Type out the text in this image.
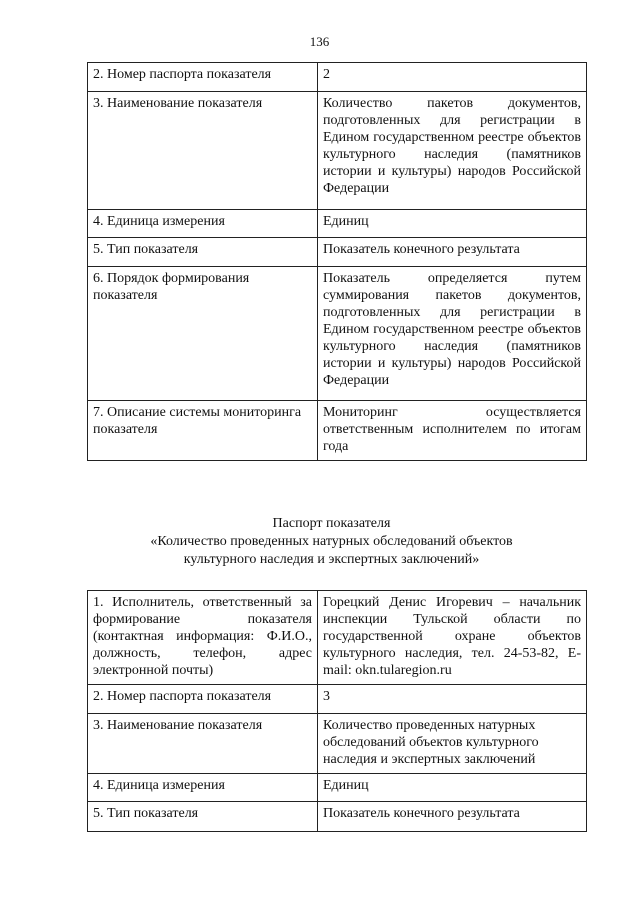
136
2. Номер паспорта показателя	2
3. Наименование показателя	Количество пакетов документов, подготовленных для регистрации в Едином государственном реестре объектов культурного наследия (памятников истории и культуры) народов Российской Федерации
4. Единица измерения	Единиц
5. Тип показателя	Показатель конечного результата
6. Порядок формирования показателя	Показатель определяется путем суммирования пакетов документов, подготовленных для регистрации в Едином государственном реестре объектов культурного наследия (памятников истории и культуры) народов Российской Федерации
7. Описание системы мониторинга показателя	Мониторинг осуществляется ответственным исполнителем по итогам года
Паспорт показателя
«Количество проведенных натурных обследований объектов
культурного наследия и экспертных заключений»
1. Исполнитель, ответственный за формирование показателя (контактная информация: Ф.И.О., должность, телефон, адрес электронной почты)	Горецкий Денис Игоревич – начальник инспекции Тульской области по государственной охране объектов культурного наследия, тел. 24-53-82, E-mail: okn.tularegion.ru
2. Номер паспорта показателя	3
3. Наименование показателя	Количество проведенных натурных обследований объектов культурного наследия и экспертных заключений
4. Единица измерения	Единиц
5. Тип показателя	Показатель конечного результата
